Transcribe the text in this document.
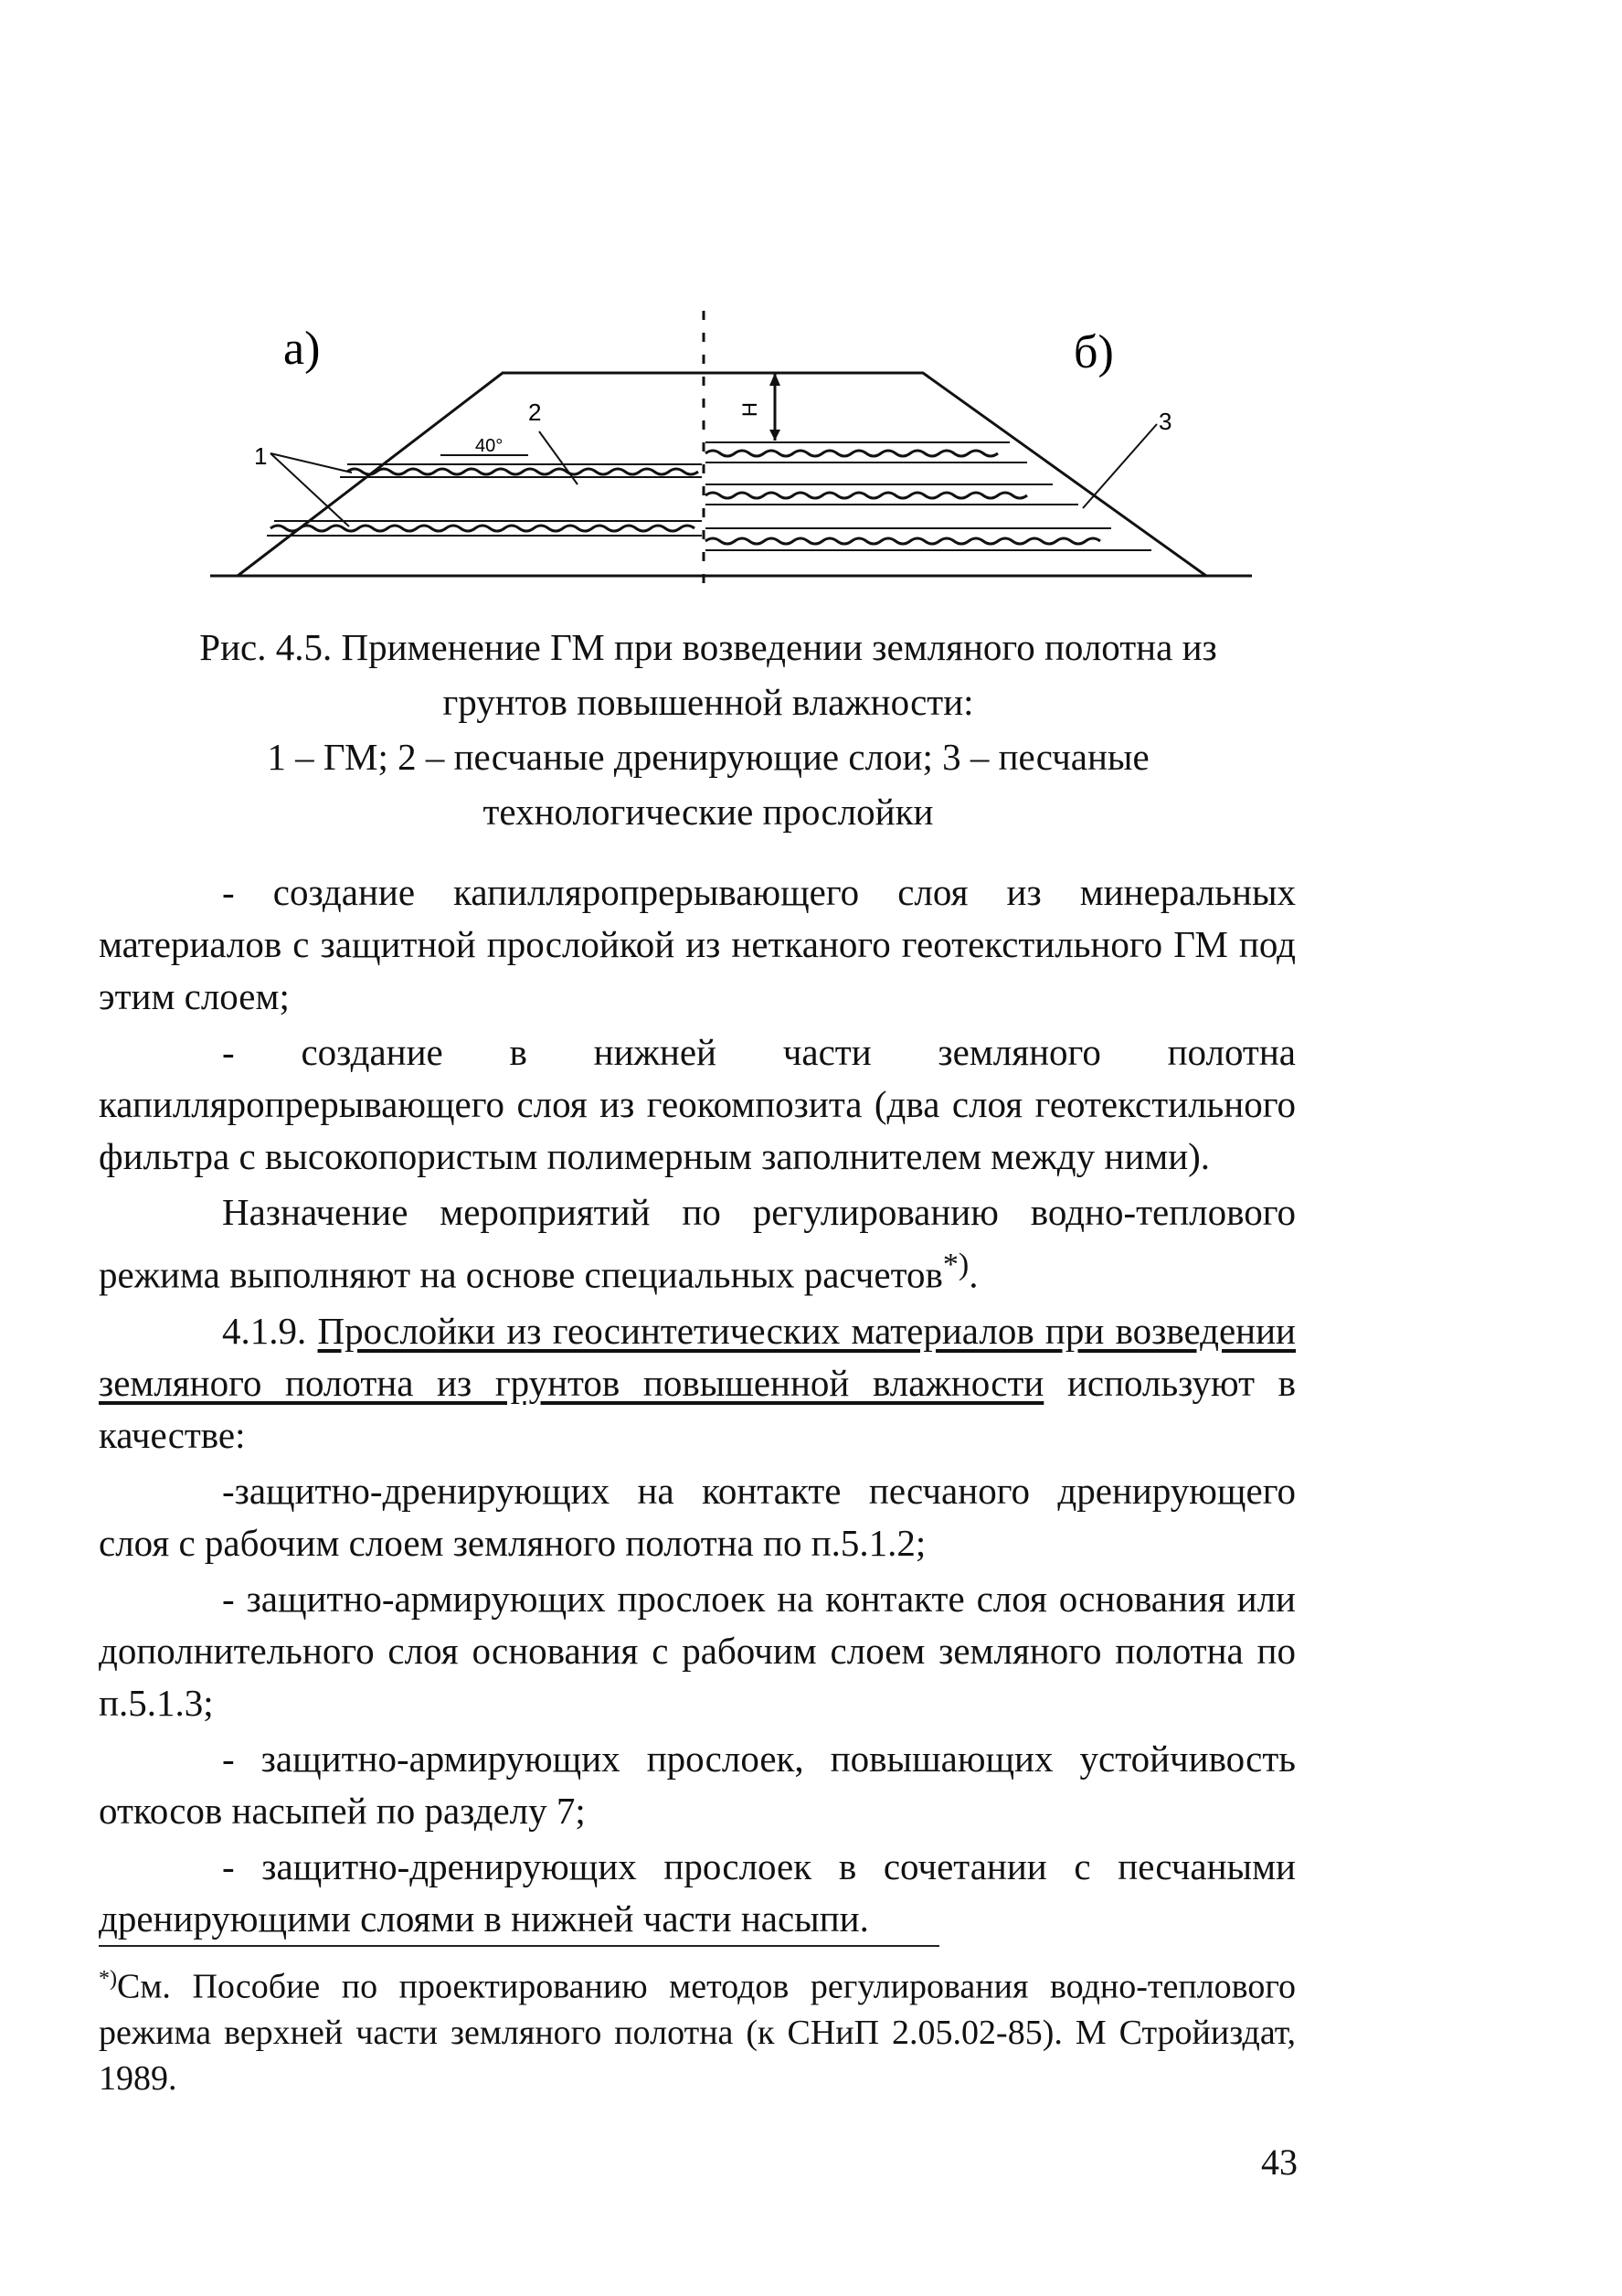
а)
1
2
40°
H
б)
3

Рис. 4.5. Применение ГМ при возведении земляного полотна из

грунтов повышенной влажности:

1 – ГМ; 2 – песчаные дренирующие слои; 3 – песчаные

технологические прослойки

- создание капилляропрерывающего слоя из минеральных материалов с защитной прослойкой из нетканого геотекстильного ГМ под этим слоем;

- создание в нижней части земляного полотна капилляропрерывающего слоя из геокомпозита (два слоя геотекстильного фильтра с высокопористым полимерным заполнителем между ними).

Назначение мероприятий по регулированию водно-теплового режима выполняют на основе специальных расчетов*).

4.1.9. Прослойки из геосинтетических материалов при возведении земляного полотна из грунтов повышенной влажности используют в качестве:

-защитно-дренирующих на контакте песчаного дренирующего слоя с рабочим слоем земляного полотна по п.5.1.2;

- защитно-армирующих прослоек на контакте слоя основания или дополнительного слоя основания с рабочим слоем земляного полотна по п.5.1.3;

- защитно-армирующих прослоек, повышающих устойчивость откосов насыпей по разделу 7;

- защитно-дренирующих прослоек в сочетании с песчаными дренирующими слоями в нижней части насыпи.

*)См. Пособие по проектированию методов регулирования водно-теплового режима верхней части земляного полотна (к СНиП 2.05.02-85). М Стройиздат, 1989.
43
